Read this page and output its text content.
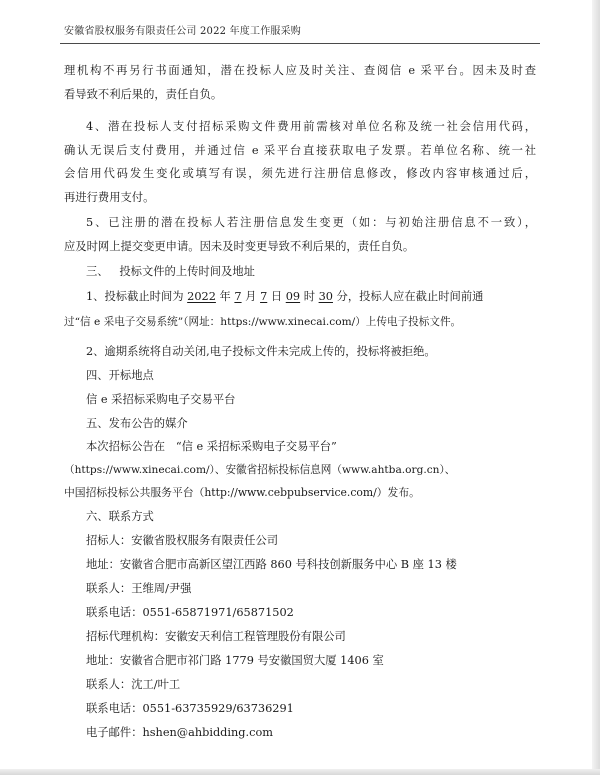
安徽省股权服务有限责任公司 2022 年度工作服采购
理机构不再另行书面通知，潜在投标人应及时关注、查阅信 e 采平台。因未及时查
看导致不利后果的，责任自负。
4、潜在投标人支付招标采购文件费用前需核对单位名称及统一社会信用代码，
确认无误后支付费用，并通过信 e 采平台直接获取电子发票。若单位名称、统一社
会信用代码发生变化或填写有误，须先进行注册信息修改，修改内容审核通过后，
再进行费用支付。
5、已注册的潜在投标人若注册信息发生变更（如：与初始注册信息不一致），
应及时网上提交变更申请。因未及时变更导致不利后果的，责任自负。
三、   投标文件的上传时间及地址
1、投标截止时间为 2022 年 7 月 7 日 09 时 30 分，投标人应在截止时间前通
过“信 e 采电子交易系统”（网址：https://www.xinecai.com/）上传电子投标文件。
2、逾期系统将自动关闭,电子投标文件未完成上传的，投标将被拒绝。
四、开标地点
信 e 采招标采购电子交易平台
五、发布公告的媒介
本次招标公告在   “信 e 采招标采购电子交易平台”
（https://www.xinecai.com/）、安徽省招标投标信息网（www.ahtba.org.cn）、
中国招标投标公共服务平台（http://www.cebpubservice.com/）发布。
六、联系方式
招标人：安徽省股权服务有限责任公司
地址：安徽省合肥市高新区望江西路 860 号科技创新服务中心 B 座 13 楼
联系人：王维周/尹强
联系电话：0551-65871971/65871502
招标代理机构：安徽安天利信工程管理股份有限公司
地址：安徽省合肥市祁门路 1779 号安徽国贸大厦 1406 室
联系人：沈工/叶工
联系电话：0551-63735929/63736291
电子邮件：hshen@ahbidding.com
